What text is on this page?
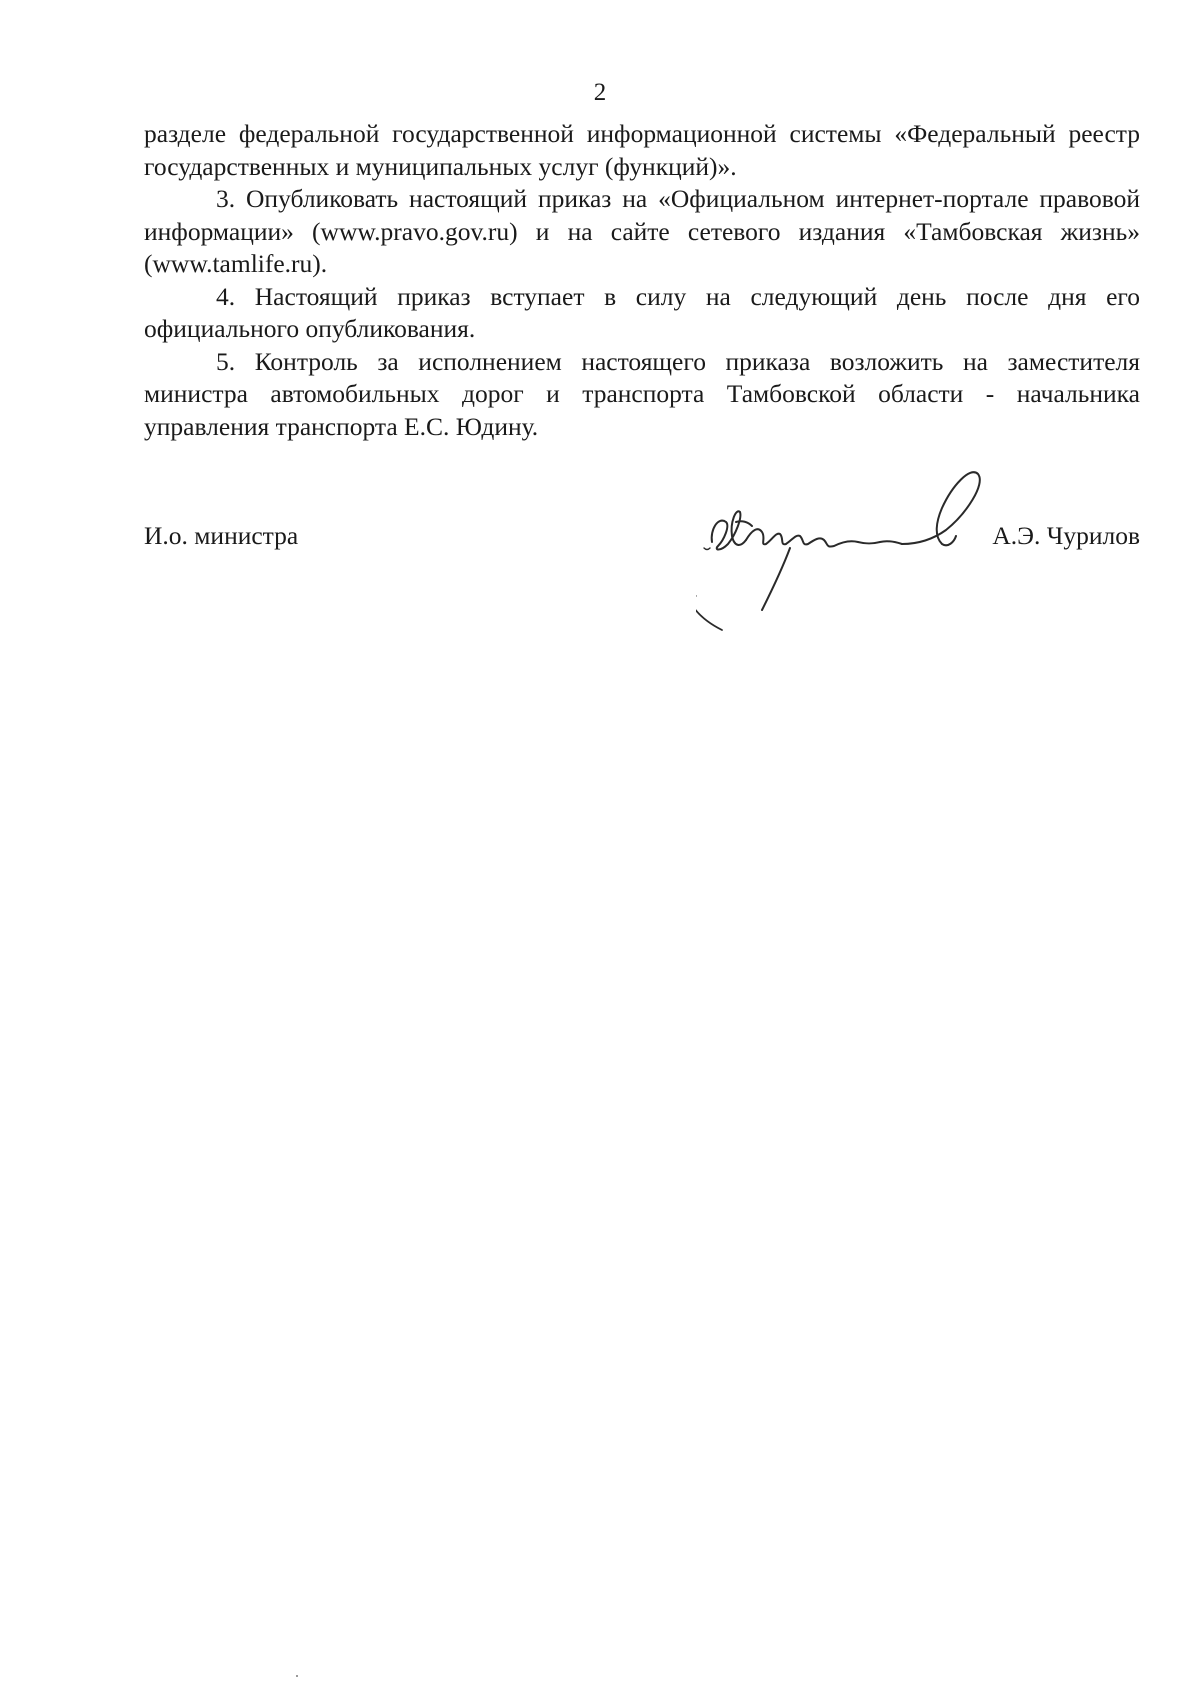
2

разделе федеральной государственной информационной системы «Федеральный реестр государственных и муниципальных услуг (функций)».

3. Опубликовать настоящий приказ на «Официальном интернет-портале правовой информации» (www.pravo.gov.ru) и на сайте сетевого издания «Тамбовская жизнь» (www.tamlife.ru).

4. Настоящий приказ вступает в силу на следующий день после дня его официального опубликования.

5. Контроль за исполнением настоящего приказа возложить на заместителя министра автомобильных дорог и транспорта Тамбовской области - начальника управления транспорта Е.С. Юдину.

И.о. министра	А.Э. Чурилов
